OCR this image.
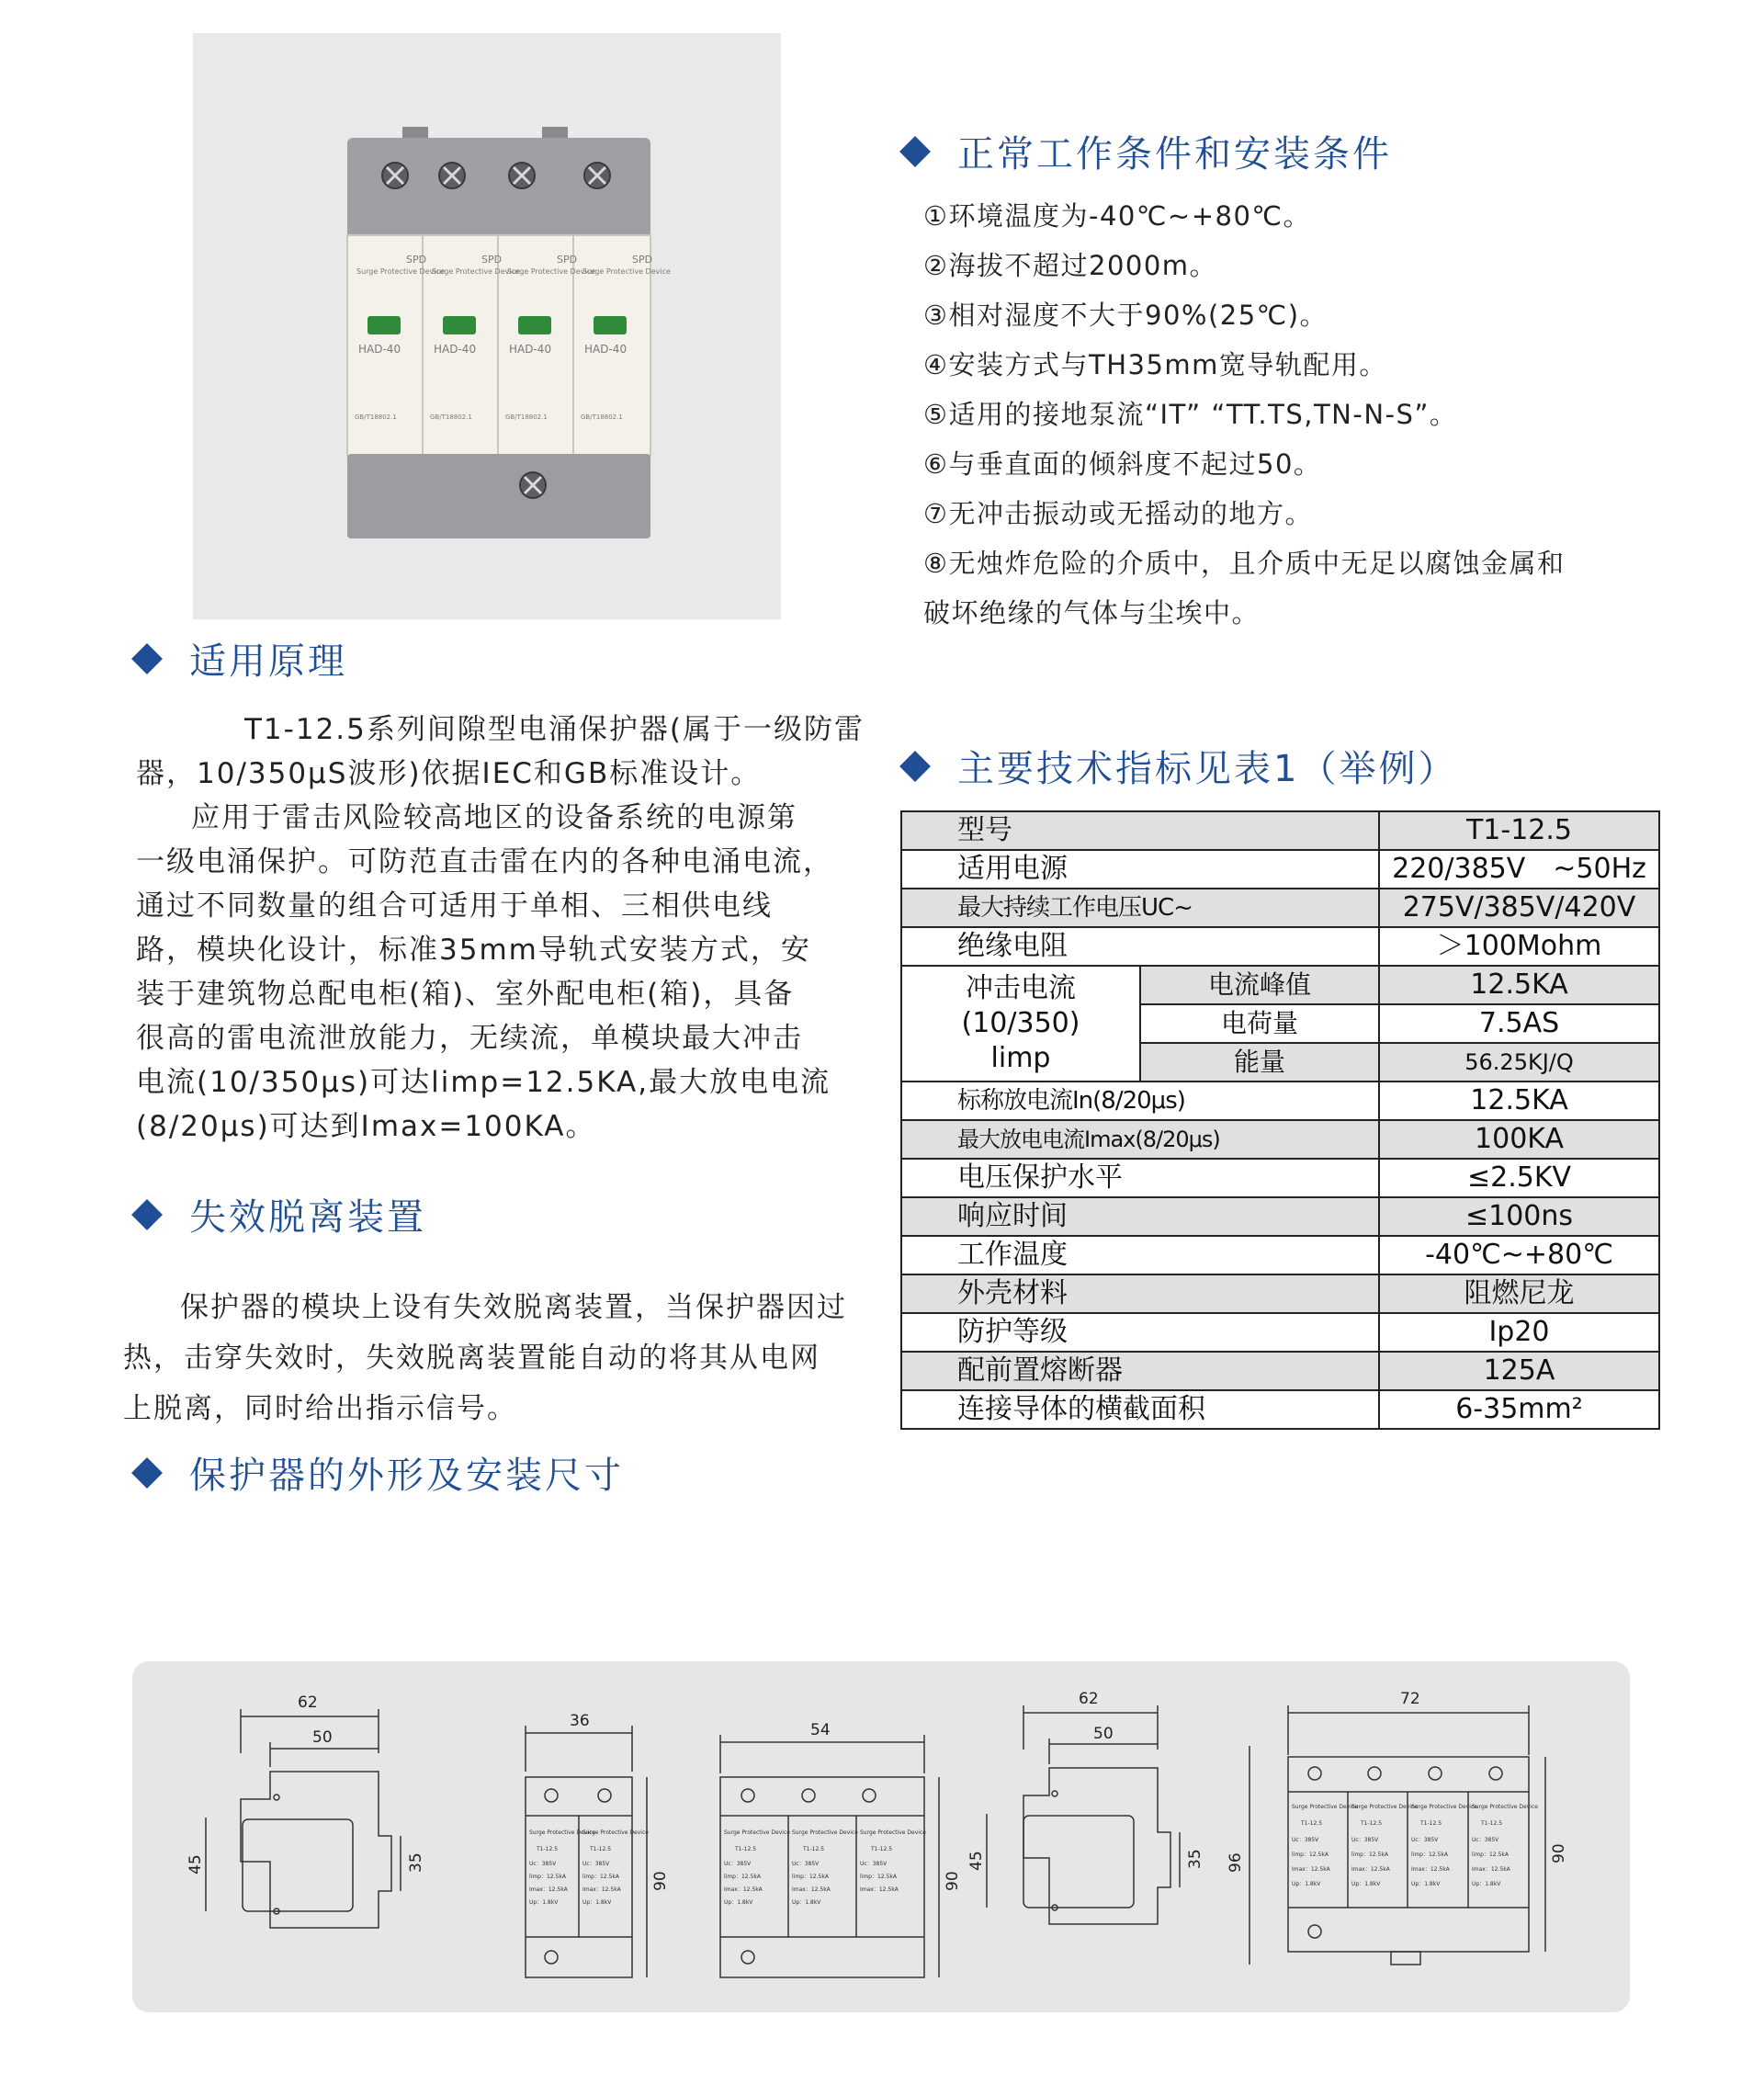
Surge Protective Device
Surge Protective Device
Surge Protective Device
Surge Protective Device
SPD	SPD	SPD	SPD
HAD-40	HAD-40	HAD-40	HAD-40
GB/T18802.1	GB/T18802.1	GB/T18802.1	GB/T18802.1
正常工作条件和安装条件
①环境温度为-40℃~+80℃。
②海拔不超过2000m。
③相对湿度不大于90%(25℃)。
④安装方式与TH35mm宽导轨配用。
⑤适用的接地泵流“IT” “TT.TS,TN-N-S”。
⑥与垂直面的倾斜度不起过50。
⑦无冲击振动或无摇动的地方。
⑧无烛炸危险的介质中，且介质中无足以腐蚀金属和
破坏绝缘的气体与尘埃中。
适用原理
T1-12.5系列间隙型电涌保护器(属于一级防雷
器，10/350μS波形)依据IEC和GB标准设计。
应用于雷击风险较高地区的设备系统的电源第
一级电涌保护。可防范直击雷在内的各种电涌电流，
通过不同数量的组合可适用于单相、三相供电线
路，模块化设计，标准35mm导轨式安装方式，安
装于建筑物总配电柜(箱)、室外配电柜(箱)，具备
很高的雷电流泄放能力，无续流，单模块最大冲击
电流(10/350μs)可达limp=12.5KA,最大放电电流
(8/20μs)可达到Imax=100KA。
主要技术指标见表1（举例）
型号		T1-12.5
适用电源		220/385V　~50Hz
最大持续工作电压UC~		275V/385V/420V
绝缘电阻		＞100Mohm

冲击电流
(10/350)
limp	电流峰值	12.5KA
	电荷量	7.5AS
	能量	56.25KJ/Q
标称放电流In(8/20μs)		12.5KA
最大放电电流Imax(8/20μs)		100KA
电压保护水平		≤2.5KV
响应时间		≤100ns
工作温度		-40℃~+80℃
外壳材料		阻燃尼龙
防护等级		Ip20
配前置熔断器		125A
连接导体的横截面积		6-35mm²
失效脱离装置
保护器的模块上设有失效脱离装置，当保护器因过
热，击穿失效时，失效脱离装置能自动的将其从电网
上脱离，同时给出指示信号。
保护器的外形及安装尺寸
62
50
45	35
36
90
Surge Protective Device
Surge Protective Device
T1-12.5	T1-12.5
Uc：385V	Uc：385V
limp：12.5kA	limp：12.5kA
Imax：12.5kA	Imax：12.5kA
Up：1.8kV	Up：1.8kV
54
90
Surge Protective Device Surge Protective Device Surge Protective Device
T1-12.5	T1-12.5	T1-12.5
Uc：385V	Uc：385V	Uc：385V
limp：12.5kA	limp：12.5kA	limp：12.5kA
Imax：12.5kA	Imax：12.5kA	Imax：12.5kA
Up：1.8kV	Up：1.8kV
62
50
45	35
72
96	90
Surge Protective Device
Surge Protective Device
Surge Protective Device
Surge Protective Device
T1-12.5	T1-12.5	T1-12.5	T1-12.5
Uc：385V	Uc：385V	Uc：385V	Uc：385V
limp：12.5kA	limp：12.5kA	limp：12.5kA	limp：12.5kA
Imax：12.5kA	Imax：12.5kA	Imax：12.5kA	Imax：12.5kA
Up：1.8kV	Up：1.8kV	Up：1.8kV	Up：1.8kV
